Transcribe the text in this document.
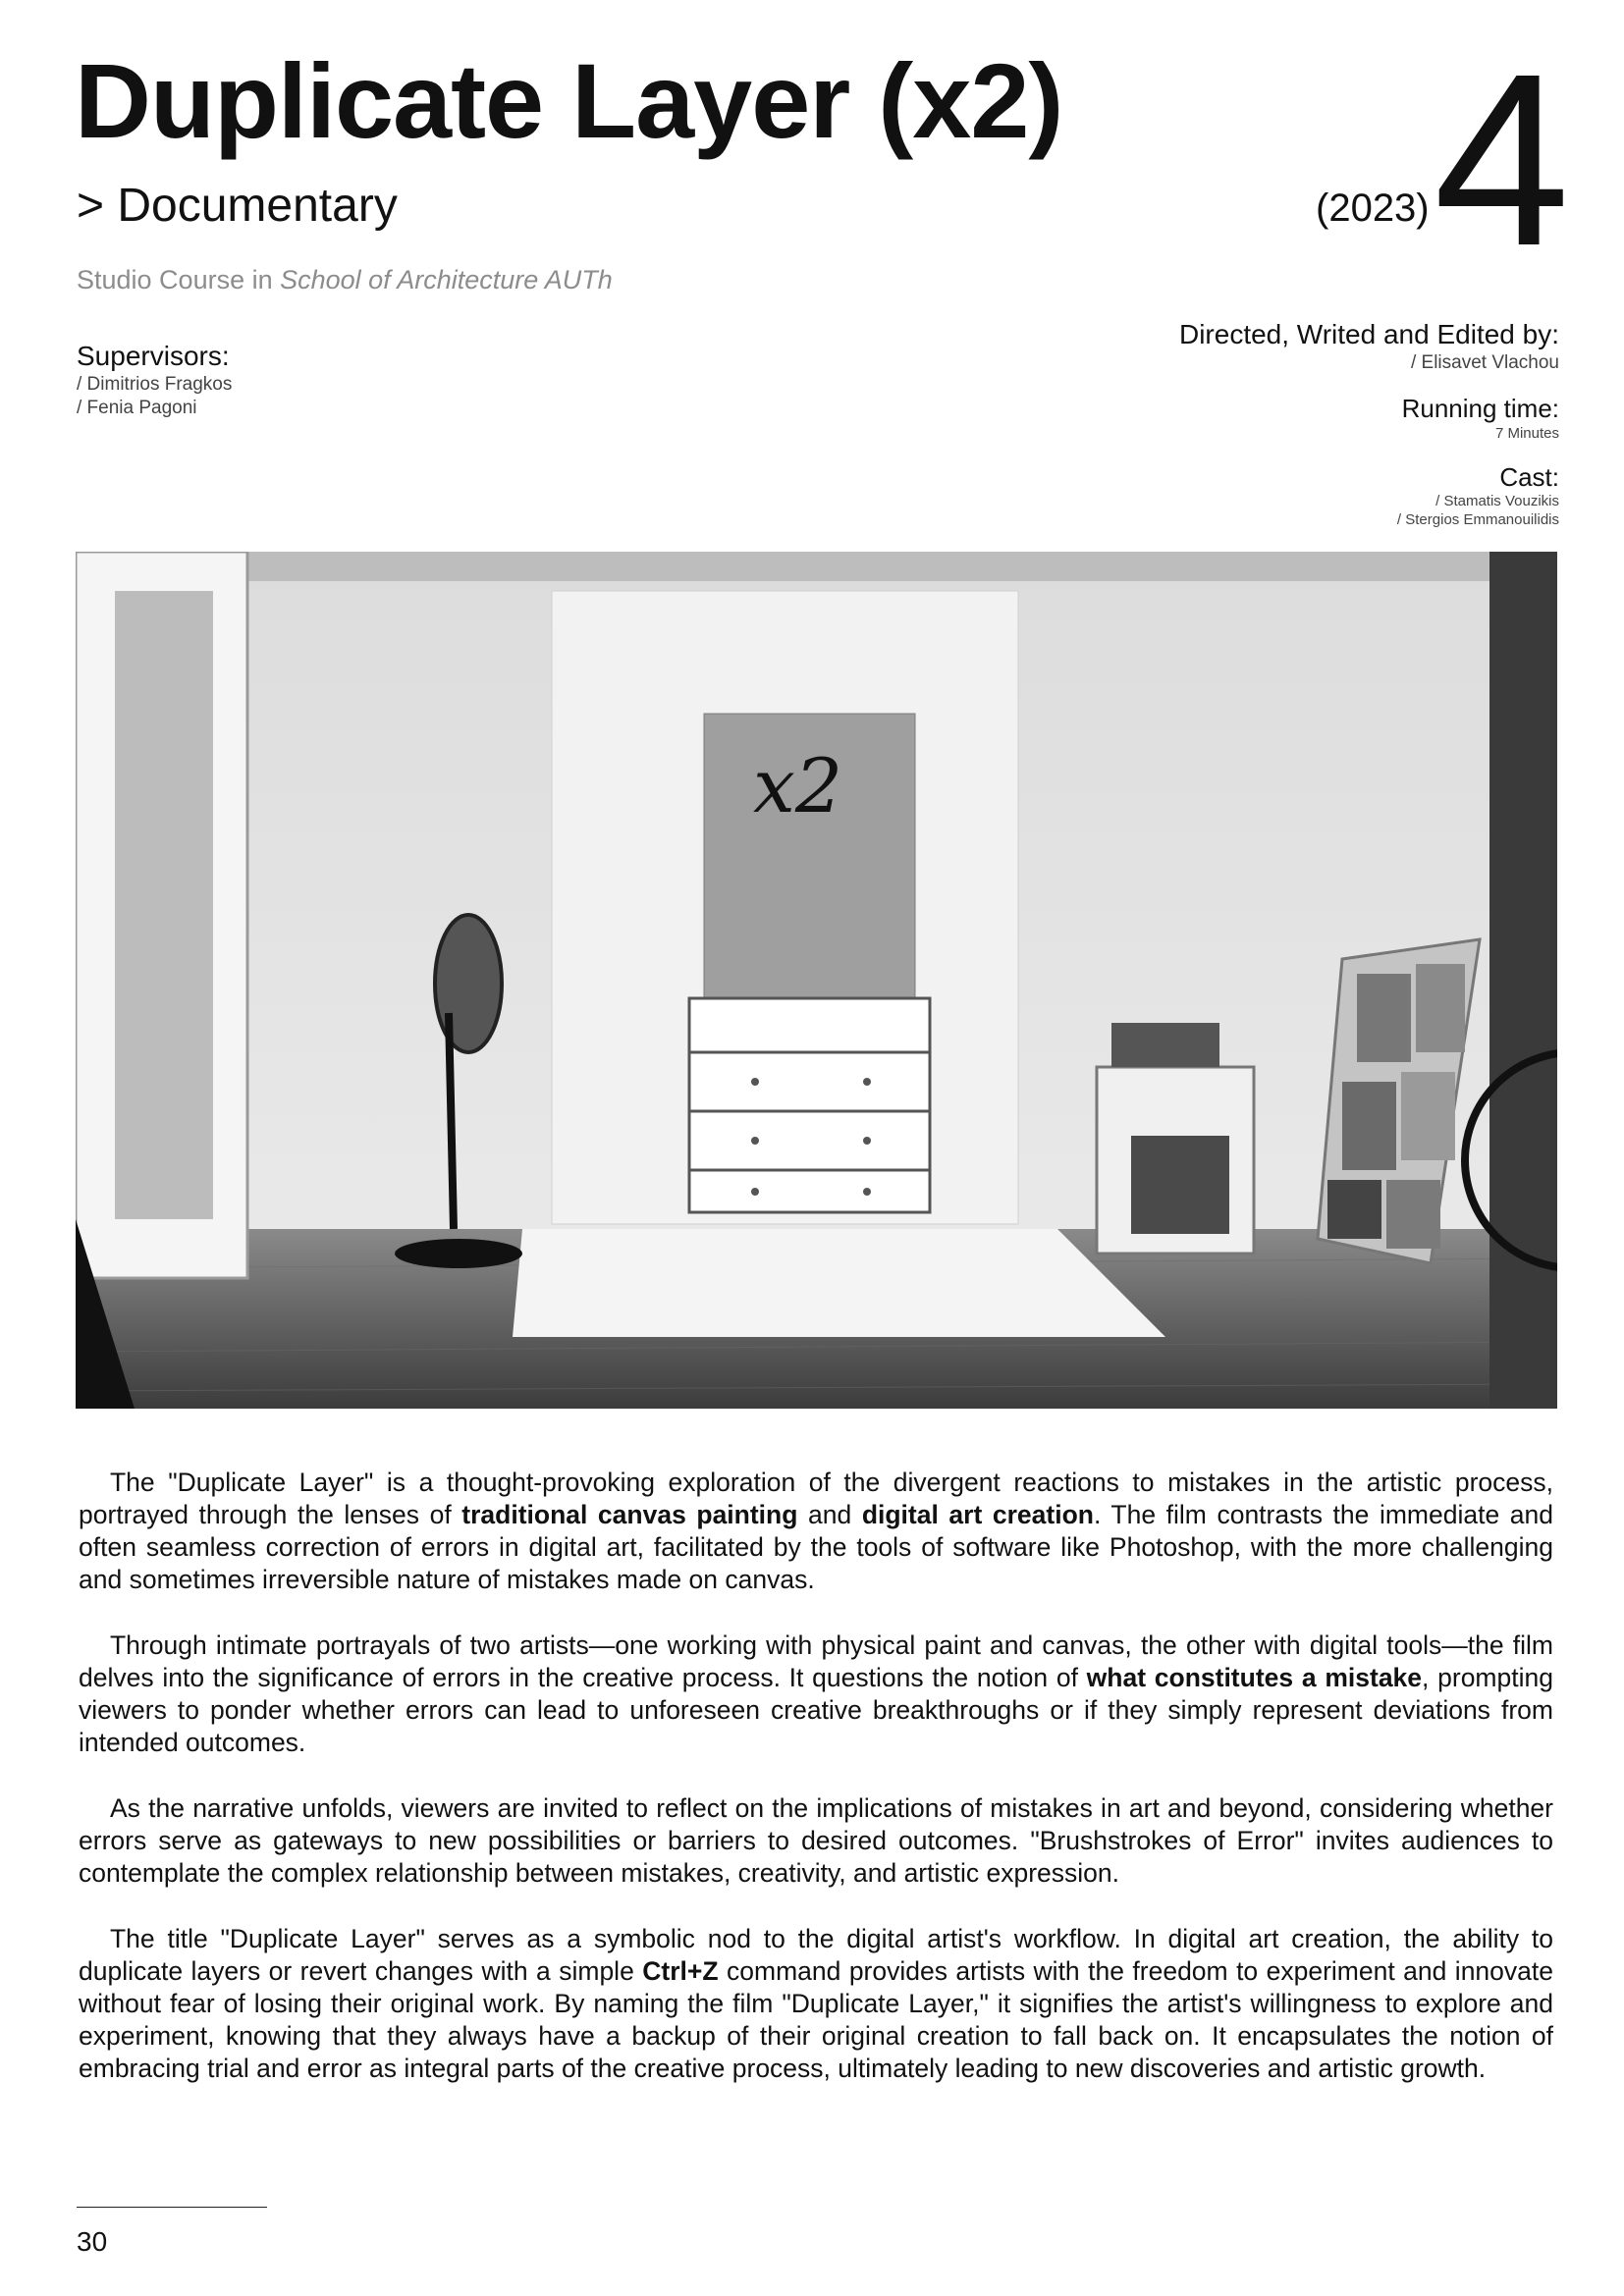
Duplicate Layer (x2)
> Documentary	(2023) 4
Studio Course in School of Architecture AUTh
Supervisors:
/ Dimitrios Fragkos
/ Fenia Pagoni
Directed, Writed and Edited by:
/ Elisavet Vlachou
Running time:
7 Minutes
Cast:
/ Stamatis Vouzikis
/ Stergios Emmanouilidis
x2

The "Duplicate Layer" is a thought-provoking exploration of the divergent reactions to mistakes in the artistic process, portrayed through the lenses of traditional canvas painting and digital art creation. The film contrasts the immediate and often seamless correction of errors in digital art, facilitated by the tools of software like Photoshop, with the more challenging and sometimes irreversible nature of mistakes made on canvas.

Through intimate portrayals of two artists—one working with physical paint and canvas, the other with digital tools—the film delves into the significance of errors in the creative process. It questions the notion of what constitutes a mistake, prompting viewers to ponder whether errors can lead to unforeseen creative breakthroughs or if they simply represent deviations from intended outcomes.

As the narrative unfolds, viewers are invited to reflect on the implications of mistakes in art and beyond, considering whether errors serve as gateways to new possibilities or barriers to desired outcomes. "Brushstrokes of Error" invites audiences to contemplate the complex relationship between mistakes, creativity, and artistic expression.

The title "Duplicate Layer" serves as a symbolic nod to the digital artist's workflow. In digital art creation, the ability to duplicate layers or revert changes with a simple Ctrl+Z command provides artists with the freedom to experiment and innovate without fear of losing their original work. By naming the film "Duplicate Layer," it signifies the artist's willingness to explore and experiment, knowing that they always have a backup of their original creation to fall back on. It encapsulates the notion of embracing trial and error as integral parts of the creative process, ultimately leading to new discoveries and artistic growth.

30
